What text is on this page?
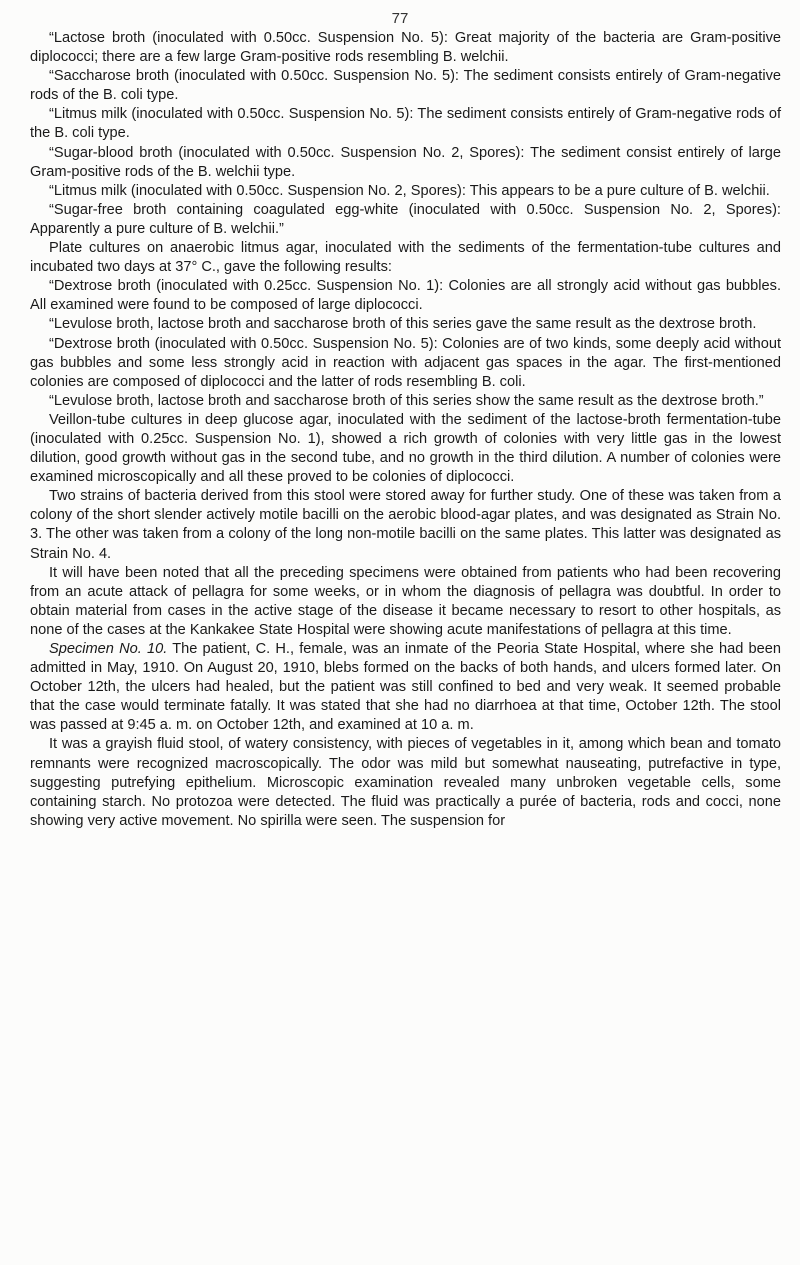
77

“Lactose broth (inoculated with 0.50cc. Suspension No. 5): Great majority of the bacteria are Gram-positive diplococci; there are a few large Gram-positive rods resembling B. welchii.

“Saccharose broth (inoculated with 0.50cc. Suspension No. 5): The sediment consists entirely of Gram-negative rods of the B. coli type.

“Litmus milk (inoculated with 0.50cc. Suspension No. 5): The sediment consists entirely of Gram-negative rods of the B. coli type.

“Sugar-blood broth (inoculated with 0.50cc. Suspension No. 2, Spores): The sediment consist entirely of large Gram-positive rods of the B. welchii type.

“Litmus milk (inoculated with 0.50cc. Suspension No. 2, Spores): This appears to be a pure culture of B. welchii.

“Sugar-free broth containing coagulated egg-white (inoculated with 0.50cc. Suspension No. 2, Spores): Apparently a pure culture of B. welchii.”

Plate cultures on anaerobic litmus agar, inoculated with the sediments of the fermentation-tube cultures and incubated two days at 37° C., gave the following results:

“Dextrose broth (inoculated with 0.25cc. Suspension No. 1): Colonies are all strongly acid without gas bubbles. All examined were found to be composed of large diplococci.

“Levulose broth, lactose broth and saccharose broth of this series gave the same result as the dextrose broth.

“Dextrose broth (inoculated with 0.50cc. Suspension No. 5): Colonies are of two kinds, some deeply acid without gas bubbles and some less strongly acid in reaction with adjacent gas spaces in the agar. The first-mentioned colonies are composed of diplococci and the latter of rods resembling B. coli.

“Levulose broth, lactose broth and saccharose broth of this series show the same result as the dextrose broth.”

Veillon-tube cultures in deep glucose agar, inoculated with the sediment of the lactose-broth fermentation-tube (inoculated with 0.25cc. Suspension No. 1), showed a rich growth of colonies with very little gas in the lowest dilution, good growth without gas in the second tube, and no growth in the third dilution. A number of colonies were examined microscopically and all these proved to be colonies of diplococci.

Two strains of bacteria derived from this stool were stored away for further study. One of these was taken from a colony of the short slender actively motile bacilli on the aerobic blood-agar plates, and was designated as Strain No. 3. The other was taken from a colony of the long non-motile bacilli on the same plates. This latter was designated as Strain No. 4.

It will have been noted that all the preceding specimens were obtained from patients who had been recovering from an acute attack of pellagra for some weeks, or in whom the diagnosis of pellagra was doubtful. In order to obtain material from cases in the active stage of the disease it became necessary to resort to other hospitals, as none of the cases at the Kankakee State Hospital were showing acute manifestations of pellagra at this time.

Specimen No. 10. The patient, C. H., female, was an inmate of the Peoria State Hospital, where she had been admitted in May, 1910. On August 20, 1910, blebs formed on the backs of both hands, and ulcers formed later. On October 12th, the ulcers had healed, but the patient was still confined to bed and very weak. It seemed probable that the case would terminate fatally. It was stated that she had no diarrhoea at that time, October 12th. The stool was passed at 9:45 a. m. on October 12th, and examined at 10 a. m.

It was a grayish fluid stool, of watery consistency, with pieces of vegetables in it, among which bean and tomato remnants were recognized macroscopically. The odor was mild but somewhat nauseating, putrefactive in type, suggesting putrefying epithelium. Microscopic examination revealed many unbroken vegetable cells, some containing starch. No protozoa were detected. The fluid was practically a purée of bacteria, rods and cocci, none showing very active movement. No spirilla were seen. The suspension for
